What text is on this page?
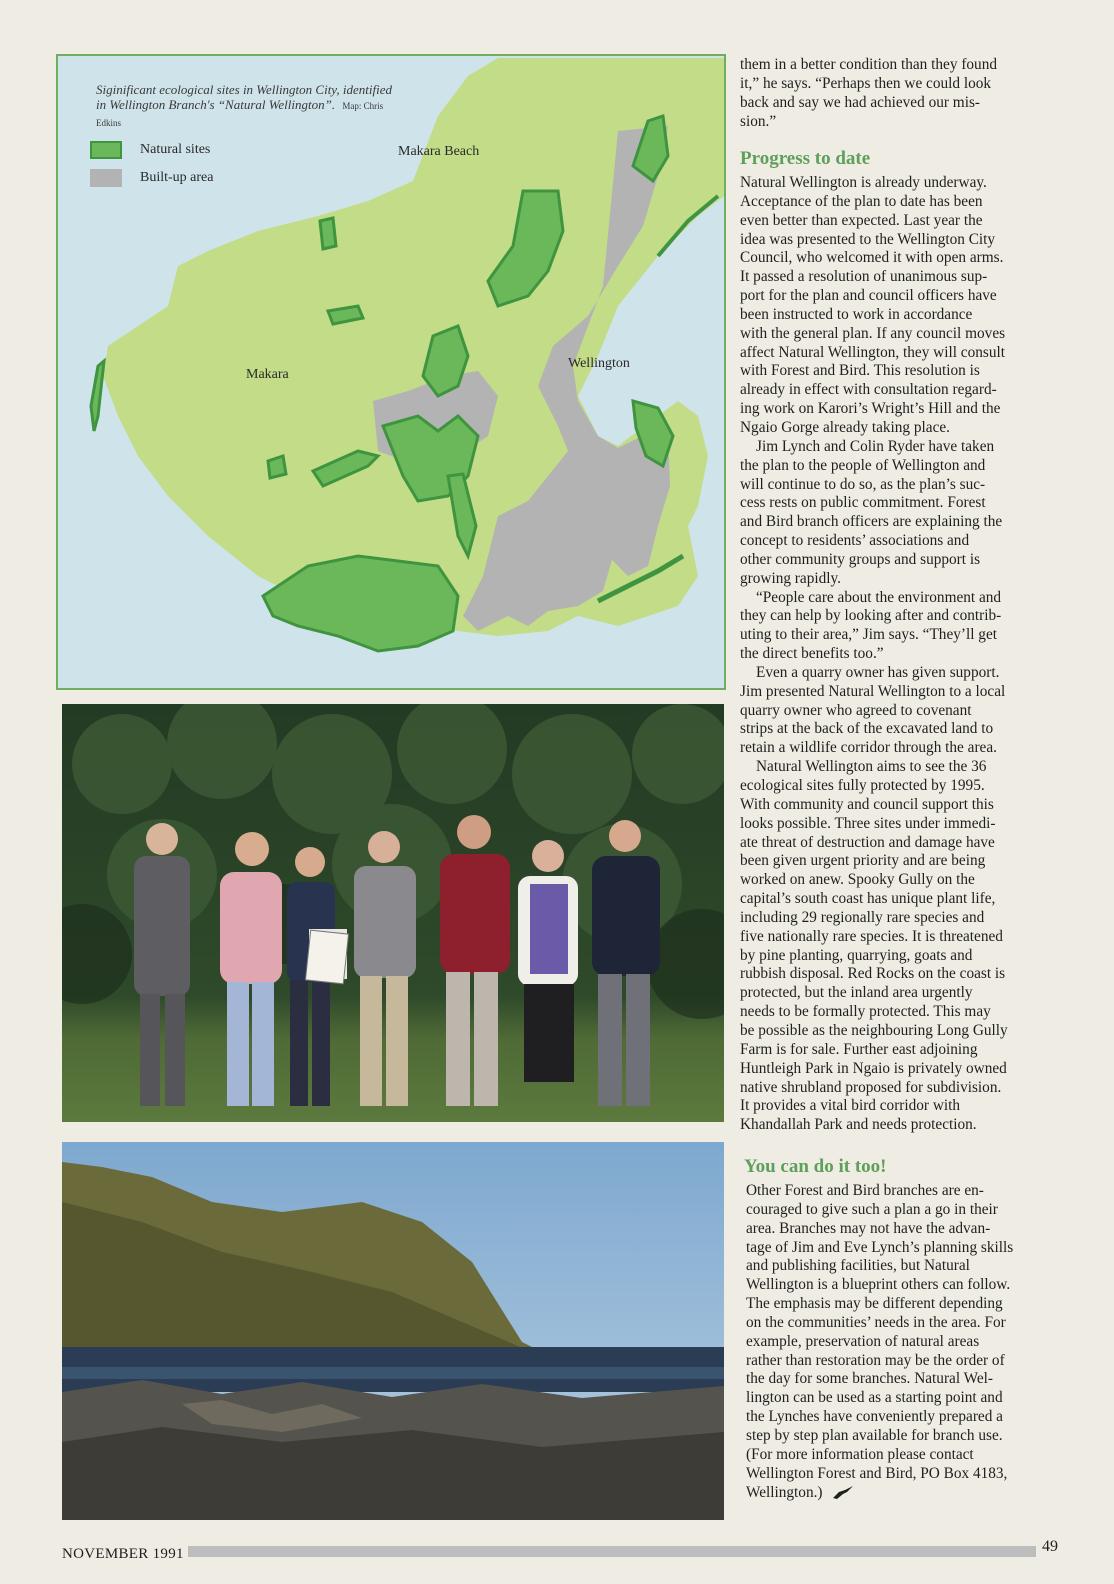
Siginificant ecological sites in Wellington City, identified in Wellington Branch's “Natural Wellington”. Map: Chris Edkins
Natural sites
Built-up area
Makara Beach
Makara
Wellington
them in a better condition than they found
it,” he says. “Perhaps then we could look
back and say we had achieved our mis-
sion.”
Progress to date
Natural Wellington is already underway.
Acceptance of the plan to date has been
even better than expected. Last year the
idea was presented to the Wellington City
Council, who welcomed it with open arms.
It passed a resolution of unanimous sup-
port for the plan and council officers have
been instructed to work in accordance
with the general plan. If any council moves
affect Natural Wellington, they will consult
with Forest and Bird. This resolution is
already in effect with consultation regard-
ing work on Karori’s Wright’s Hill and the
Ngaio Gorge already taking place.
Jim Lynch and Colin Ryder have taken
the plan to the people of Wellington and
will continue to do so, as the plan’s suc-
cess rests on public commitment. Forest
and Bird branch officers are explaining the
concept to residents’ associations and
other community groups and support is
growing rapidly.
“People care about the environment and
they can help by looking after and contrib-
uting to their area,” Jim says. “They’ll get
the direct benefits too.”
Even a quarry owner has given support.
Jim presented Natural Wellington to a local
quarry owner who agreed to covenant
strips at the back of the excavated land to
retain a wildlife corridor through the area.
Natural Wellington aims to see the 36
ecological sites fully protected by 1995.
With community and council support this
looks possible. Three sites under immedi-
ate threat of destruction and damage have
been given urgent priority and are being
worked on anew. Spooky Gully on the
capital’s south coast has unique plant life,
including 29 regionally rare species and
five nationally rare species. It is threatened
by pine planting, quarrying, goats and
rubbish disposal. Red Rocks on the coast is
protected, but the inland area urgently
needs to be formally protected. This may
be possible as the neighbouring Long Gully
Farm is for sale. Further east adjoining
Huntleigh Park in Ngaio is privately owned
native shrubland proposed for subdivision.
It provides a vital bird corridor with
Khandallah Park and needs protection.
You can do it too!
Other Forest and Bird branches are en-
couraged to give such a plan a go in their
area. Branches may not have the advan-
tage of Jim and Eve Lynch’s planning skills
and publishing facilities, but Natural
Wellington is a blueprint others can follow.
The emphasis may be different depending
on the communities’ needs in the area. For
example, preservation of natural areas
rather than restoration may be the order of
the day for some branches. Natural Wel-
lington can be used as a starting point and
the Lynches have conveniently prepared a
step by step plan available for branch use.
(For more information please contact
Wellington Forest and Bird, PO Box 4183,
Wellington.)
NOVEMBER 1991	49
